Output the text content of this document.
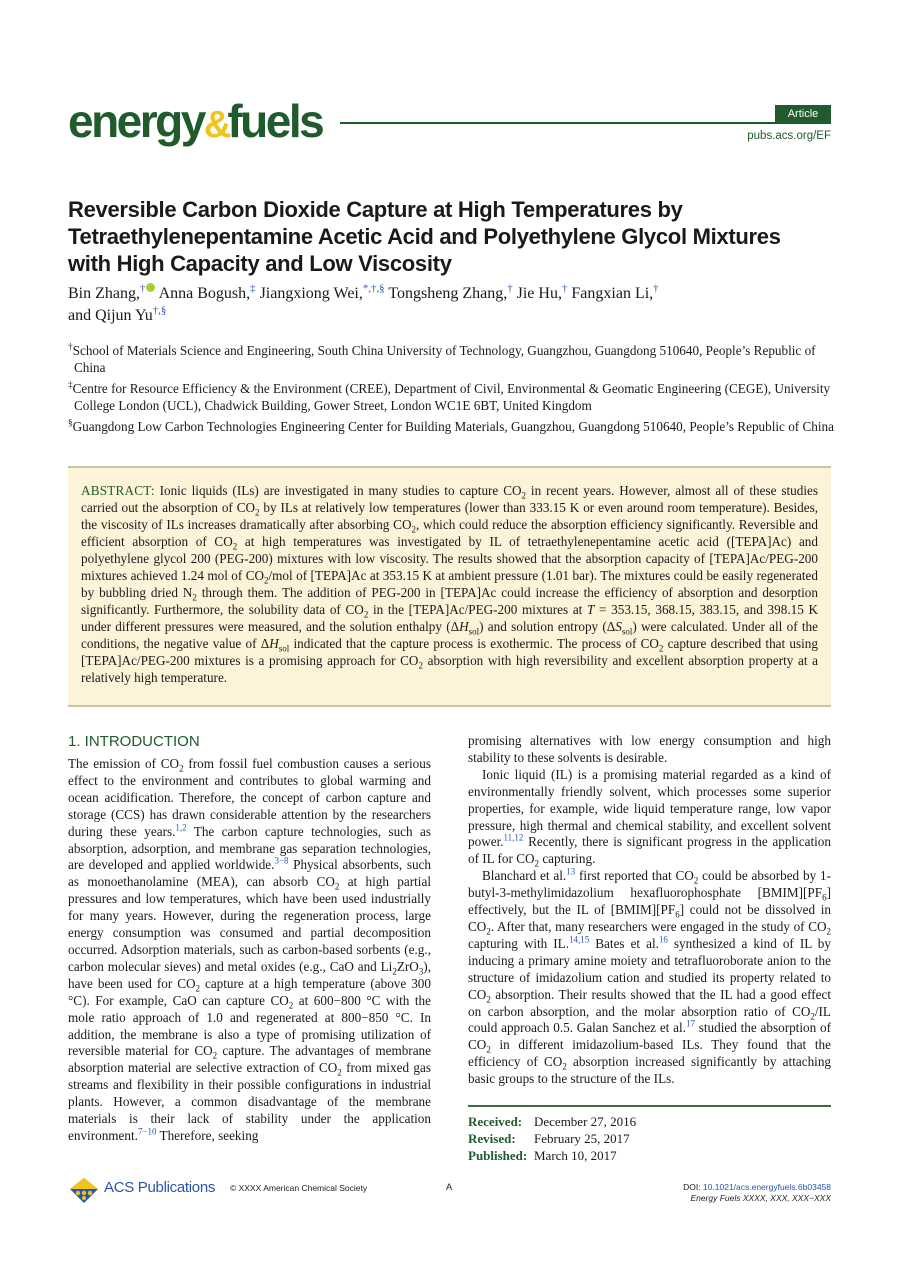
energy&fuels	Article
pubs.acs.org/EF
Reversible Carbon Dioxide Capture at High Temperatures by Tetraethylenepentamine Acetic Acid and Polyethylene Glycol Mixtures with High Capacity and Low Viscosity
Bin Zhang,† Anna Bogush,‡ Jiangxiong Wei,*,†,§ Tongsheng Zhang,† Jie Hu,† Fangxian Li,†
and Qijun Yu†,§

†School of Materials Science and Engineering, South China University of Technology, Guangzhou, Guangdong 510640, People’s Republic of China

‡Centre for Resource Efficiency & the Environment (CREE), Department of Civil, Environmental & Geomatic Engineering (CEGE), University College London (UCL), Chadwick Building, Gower Street, London WC1E 6BT, United Kingdom

§Guangdong Low Carbon Technologies Engineering Center for Building Materials, Guangzhou, Guangdong 510640, People’s Republic of China

ABSTRACT: Ionic liquids (ILs) are investigated in many studies to capture $CO_2$ in recent years. However, almost all of these studies carried out the absorption of $CO_2$ by ILs at relatively low temperatures (lower than 333.15 K or even around room temperature). Besides, the viscosity of ILs increases dramatically after absorbing $CO_2$, which could reduce the absorption efficiency significantly. Reversible and efficient absorption of $CO_2$ at high temperatures was investigated by IL of tetraethylenepentamine acetic acid ([TEPA]Ac) and polyethylene glycol 200 (PEG-200) mixtures with low viscosity. The results showed that the absorption capacity of [TEPA]Ac/PEG-200 mixtures achieved 1.24 mol of $CO_2$/mol of [TEPA]Ac at 353.15 K at ambient pressure (1.01 bar). The mixtures could be easily regenerated by bubbling dried $N_2$ through them. The addition of PEG-200 in [TEPA]Ac could increase the efficiency of absorption and desorption significantly. Furthermore, the solubility data of $CO_2$ in the [TEPA]Ac/PEG-200 mixtures at T = 353.15, 368.15, 383.15, and 398.15 K under different pressures were measured, and the solution enthalpy $(\Delta H_{sol})$ and solution entropy $(\Delta S_{sol})$ were calculated. Under all of the conditions, the negative value of $\Delta H_{sol}$ indicated that the capture process is exothermic. The process of $CO_2$ capture described that using [TEPA]Ac/PEG-200 mixtures is a promising approach for $CO_2$ absorption with high reversibility and excellent absorption property at a relatively high temperature.

1. INTRODUCTION

The emission of $CO_2$ from fossil fuel combustion causes a serious effect to the environment and contributes to global warming and ocean acidification. Therefore, the concept of carbon capture and storage (CCS) has drawn considerable attention by the researchers during these years.$^{1,2}$ The carbon capture technologies, such as absorption, adsorption, and membrane gas separation technologies, are developed and applied worldwide.$^{3-8}$ Physical absorbents, such as monoethanolamine (MEA), can absorb $CO_2$ at high partial pressures and low temperatures, which have been used industrially for many years. However, during the regeneration process, large energy consumption was consumed and partial decomposition occurred. Adsorption materials, such as carbon-based sorbents (e.g., carbon molecular sieves) and metal oxides (e.g., CaO and $Li_2ZrO_3$), have been used for $CO_2$ capture at a high temperature (above 300 °C). For example, CaO can capture $CO_2$ at 600−800 °C with the mole ratio approach of 1.0 and regenerated at 800−850 °C. In addition, the membrane is also a type of promising utilization of reversible material for $CO_2$ capture. The advantages of membrane absorption material are selective extraction of $CO_2$ from mixed gas streams and flexibility in their possible configurations in industrial plants. However, a common disadvantage of the membrane materials is their lack of stability under the application environment.$^{7-10}$ Therefore, seeking

promising alternatives with low energy consumption and high stability to these solvents is desirable.

Ionic liquid (IL) is a promising material regarded as a kind of environmentally friendly solvent, which processes some superior properties, for example, wide liquid temperature range, low vapor pressure, high thermal and chemical stability, and excellent solvent power.$^{11,12}$ Recently, there is significant progress in the application of IL for $CO_2$ capturing.

Blanchard et al.$^{13}$ first reported that $CO_2$ could be absorbed by 1-butyl-3-methylimidazolium hexafluorophosphate $[BMIM][PF_6]$ effectively, but the IL of $[BMIM][PF_6]$ could not be dissolved in $CO_2$. After that, many researchers were engaged in the study of $CO_2$ capturing with IL.$^{14,15}$ Bates et al.$^{16}$ synthesized a kind of IL by inducing a primary amine moiety and tetrafluoroborate anion to the structure of imidazolium cation and studied its property related to $CO_2$ absorption. Their results showed that the IL had a good effect on carbon absorption, and the molar absorption ratio of $CO_2/IL$ could approach 0.5. Galan Sanchez et al.$^{17}$ studied the absorption of $CO_2$ in different imidazolium-based ILs. They found that the efficiency of $CO_2$ absorption increased significantly by attaching basic groups to the structure of the ILs.

Received: December 27, 2016
Revised: February 25, 2017
Published: March 10, 2017
ACS Publications © XXXX American Chemical Society	A	DOI: 10.1021/acs.energyfuels.6b03458
Energy Fuels XXXX, XXX, XXX−XXX
